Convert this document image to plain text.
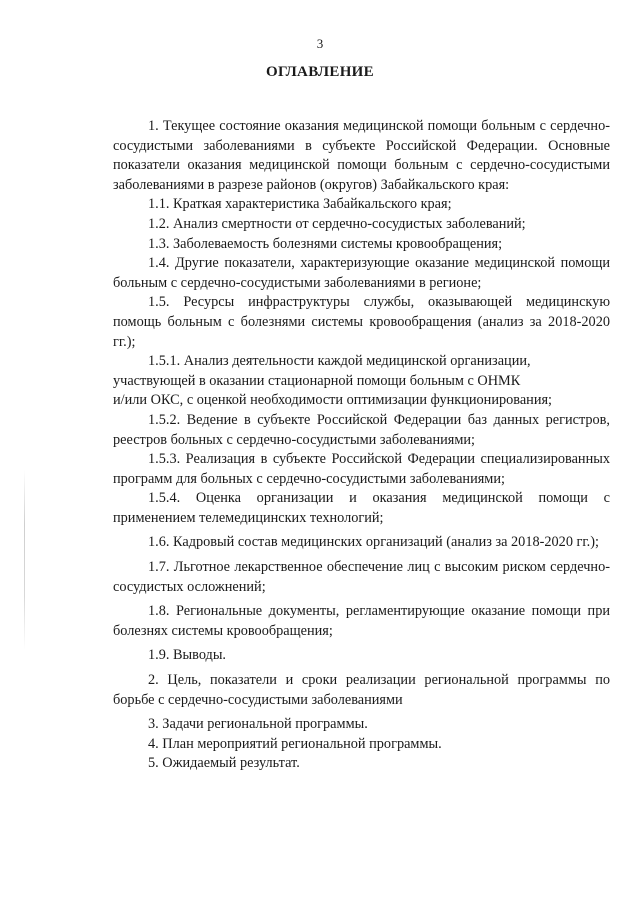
3
ОГЛАВЛЕНИЕ

1. Текущее состояние оказания медицинской помощи больным с сердечно-сосудистыми заболеваниями в субъекте Российской Федерации. Основные показатели оказания медицинской помощи больным с сердечно-сосудистыми заболеваниями в разрезе районов (округов) Забайкальского края:

1.1. Краткая характеристика Забайкальского края;

1.2. Анализ смертности от сердечно-сосудистых заболеваний;

1.3. Заболеваемость болезнями системы кровообращения;

1.4. Другие показатели, характеризующие оказание медицинской помощи больным с сердечно-сосудистыми заболеваниями в регионе;

1.5. Ресурсы инфраструктуры службы, оказывающей медицинскую помощь больным с болезнями системы кровообращения (анализ за 2018-2020 гг.);

1.5.1. Анализ деятельности каждой медицинской организации,
участвующей в оказании стационарной помощи больным с ОНМК
и/или ОКС, с оценкой необходимости оптимизации функционирования;

1.5.2. Ведение в субъекте Российской Федерации баз данных регистров, реестров больных с сердечно-сосудистыми заболеваниями;

1.5.3. Реализация в субъекте Российской Федерации специализированных программ для больных с сердечно-сосудистыми заболеваниями;

1.5.4. Оценка организации и оказания медицинской помощи с применением телемедицинских технологий;

1.6. Кадровый состав медицинских организаций (анализ за 2018-2020 гг.);

1.7. Льготное лекарственное обеспечение лиц с высоким риском сердечно-сосудистых осложнений;

1.8. Региональные документы, регламентирующие оказание помощи при болезнях системы кровообращения;

1.9. Выводы.

2. Цель, показатели и сроки реализации региональной программы по борьбе с сердечно-сосудистыми заболеваниями

3. Задачи региональной программы.

4. План мероприятий региональной программы.

5. Ожидаемый результат.
